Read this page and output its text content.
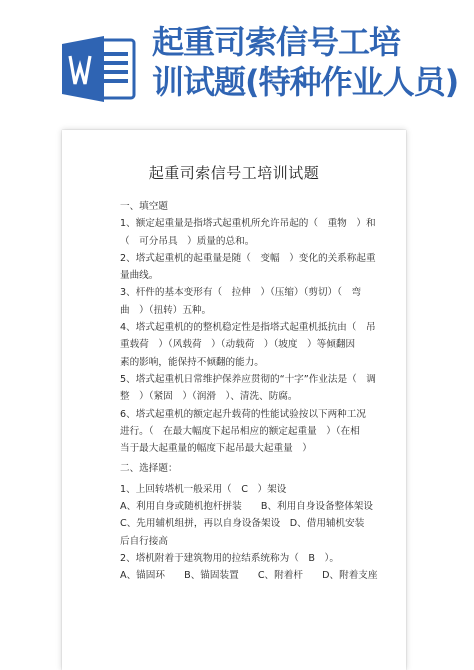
起重司索信号工培
训试题(特种作业人员)
起重司索信号工培训试题

一、填空题

1、额定起重量是指塔式起重机所允许吊起的（　重物　）和

（　可分吊具　）质量的总和。

2、塔式起重机的起重量是随（　变幅　）变化的关系称起重

量曲线。

3、杆件的基本变形有（　拉伸　）（压缩）（剪切）（　弯

曲　）（扭转）五种。

4、塔式起重机的的整机稳定性是指塔式起重机抵抗由（　吊

重载荷　）（风载荷　）（动载荷　）（坡度　）等倾翻因

素的影响，能保持不倾翻的能力。

5、塔式起重机日常维护保养应贯彻的“十字”作业法是（　调

整　）（紧固　）（润滑　）、清洗、防腐。

6、塔式起重机的额定起升载荷的性能试验按以下两种工况

进行。（　在最大幅度下起吊相应的额定起重量　）（在相

当于最大起重量的幅度下起吊最大起重量　）

二、选择题：

1、上回转塔机一般采用（　C　）架设

A、利用自身或随机抱杆拼装　　B、利用自身设备整体架设

C、先用辅机组拼，再以自身设备架设　D、借用辅机安装

后自行接高

2、塔机附着于建筑物用的拉结系统称为（　B　）。

A、锚固环　　B、锚固装置　　C、附着杆　　D、附着支座
